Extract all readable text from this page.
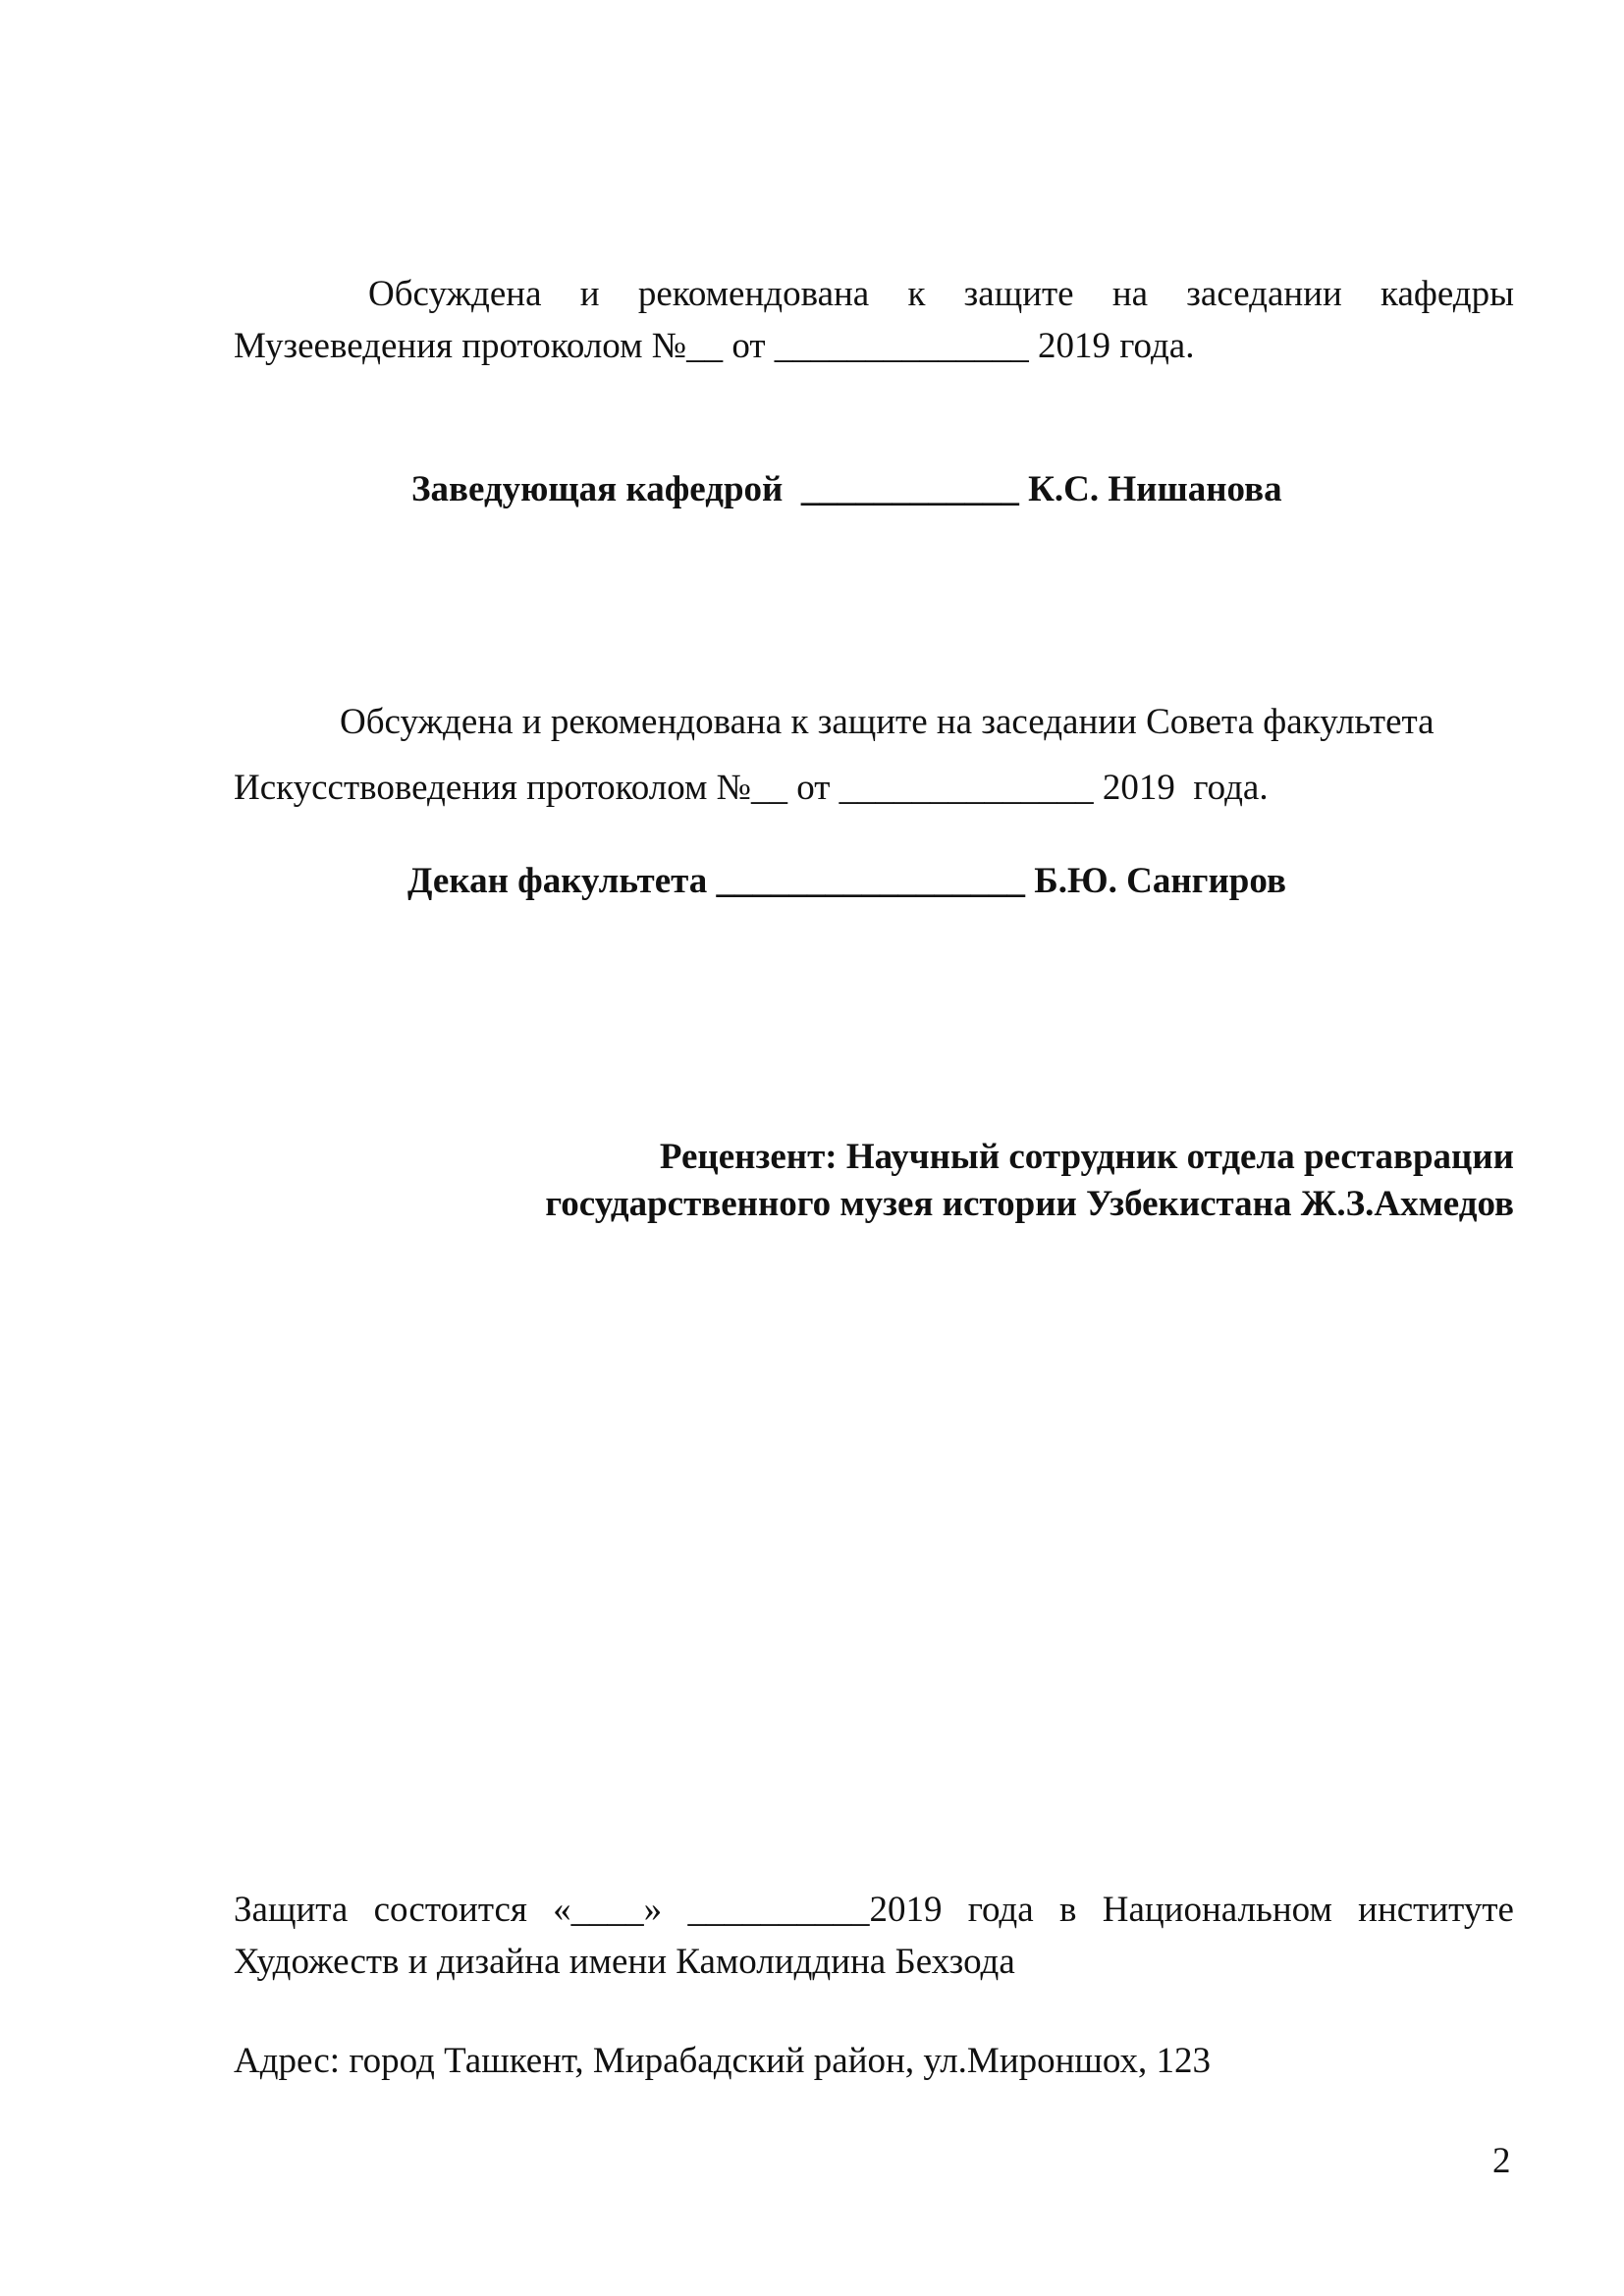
Обсуждена и рекомендована к защите на заседании кафедры
Музееведения протоколом №__ от ______________ 2019 года.
Заведующая кафедрой  ____________ К.С. Нишанова
Обсуждена и рекомендована к защите на заседании Совета факультета
Искусствоведения протоколом №__ от ______________ 2019  года.
Декан факультета _________________ Б.Ю. Сангиров
Рецензент: Научный сотрудник отдела реставрации
государственного музея истории Узбекистана Ж.З.Ахмедов
Защита состоится «____» __________2019 года в Национальном институте
Художеств и дизайна имени Камолиддина Бехзода
Адрес: город Ташкент, Мирабадский район, ул.Мироншох, 123
2
